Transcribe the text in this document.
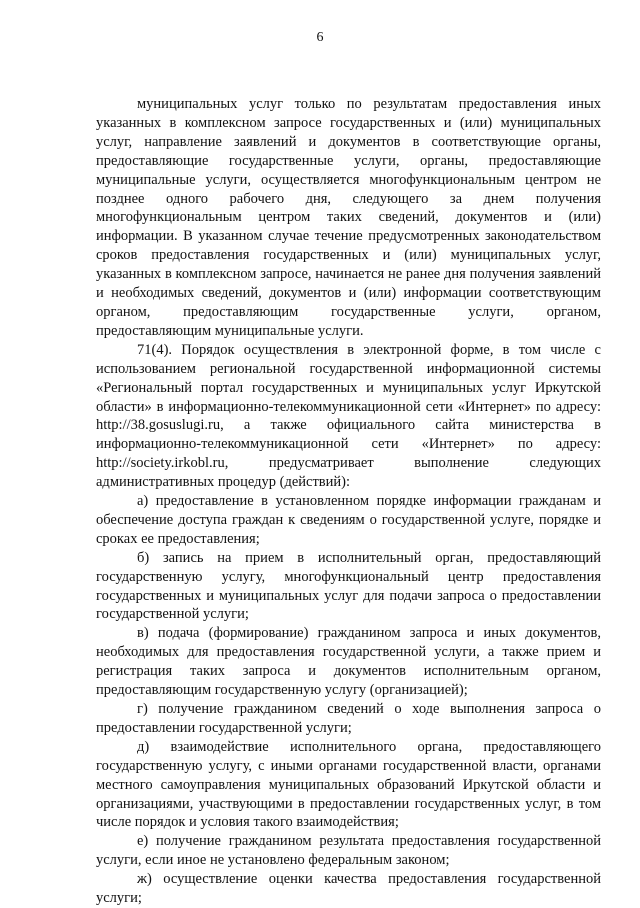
6

муниципальных услуг только по результатам предоставления иных указанных в комплексном запросе государственных и (или) муниципальных услуг, направление заявлений и документов в соответствующие органы, предоставляющие государственные услуги, органы, предоставляющие муниципальные услуги, осуществляется многофункциональным центром не позднее одного рабочего дня, следующего за днем получения многофункциональным центром таких сведений, документов и (или) информации. В указанном случае течение предусмотренных законодательством сроков предоставления государственных и (или) муниципальных услуг, указанных в комплексном запросе, начинается не ранее дня получения заявлений и необходимых сведений, документов и (или) информации соответствующим органом, предоставляющим государственные услуги, органом, предоставляющим муниципальные услуги.

71(4). Порядок осуществления в электронной форме, в том числе с использованием региональной государственной информационной системы «Региональный портал государственных и муниципальных услуг Иркутской области» в информационно-телекоммуникационной сети «Интернет» по адресу: http://38.gosuslugi.ru, а также официального сайта министерства в информационно-телекоммуникационной сети «Интернет» по адресу: http://society.irkobl.ru, предусматривает выполнение следующих административных процедур (действий):

а) предоставление в установленном порядке информации гражданам и обеспечение доступа граждан к сведениям о государственной услуге, порядке и сроках ее предоставления;

б) запись на прием в исполнительный орган, предоставляющий государственную услугу, многофункциональный центр предоставления государственных и муниципальных услуг для подачи запроса о предоставлении государственной услуги;

в) подача (формирование) гражданином запроса и иных документов, необходимых для предоставления государственной услуги, а также прием и регистрация таких запроса и документов исполнительным органом, предоставляющим государственную услугу (организацией);

г) получение гражданином сведений о ходе выполнения запроса о предоставлении государственной услуги;

д) взаимодействие исполнительного органа, предоставляющего государственную услугу, с иными органами государственной власти, органами местного самоуправления муниципальных образований Иркутской области и организациями, участвующими в предоставлении государственных услуг, в том числе порядок и условия такого взаимодействия;

е) получение гражданином результата предоставления государственной услуги, если иное не установлено федеральным законом;

ж) осуществление оценки качества предоставления государственной услуги;
